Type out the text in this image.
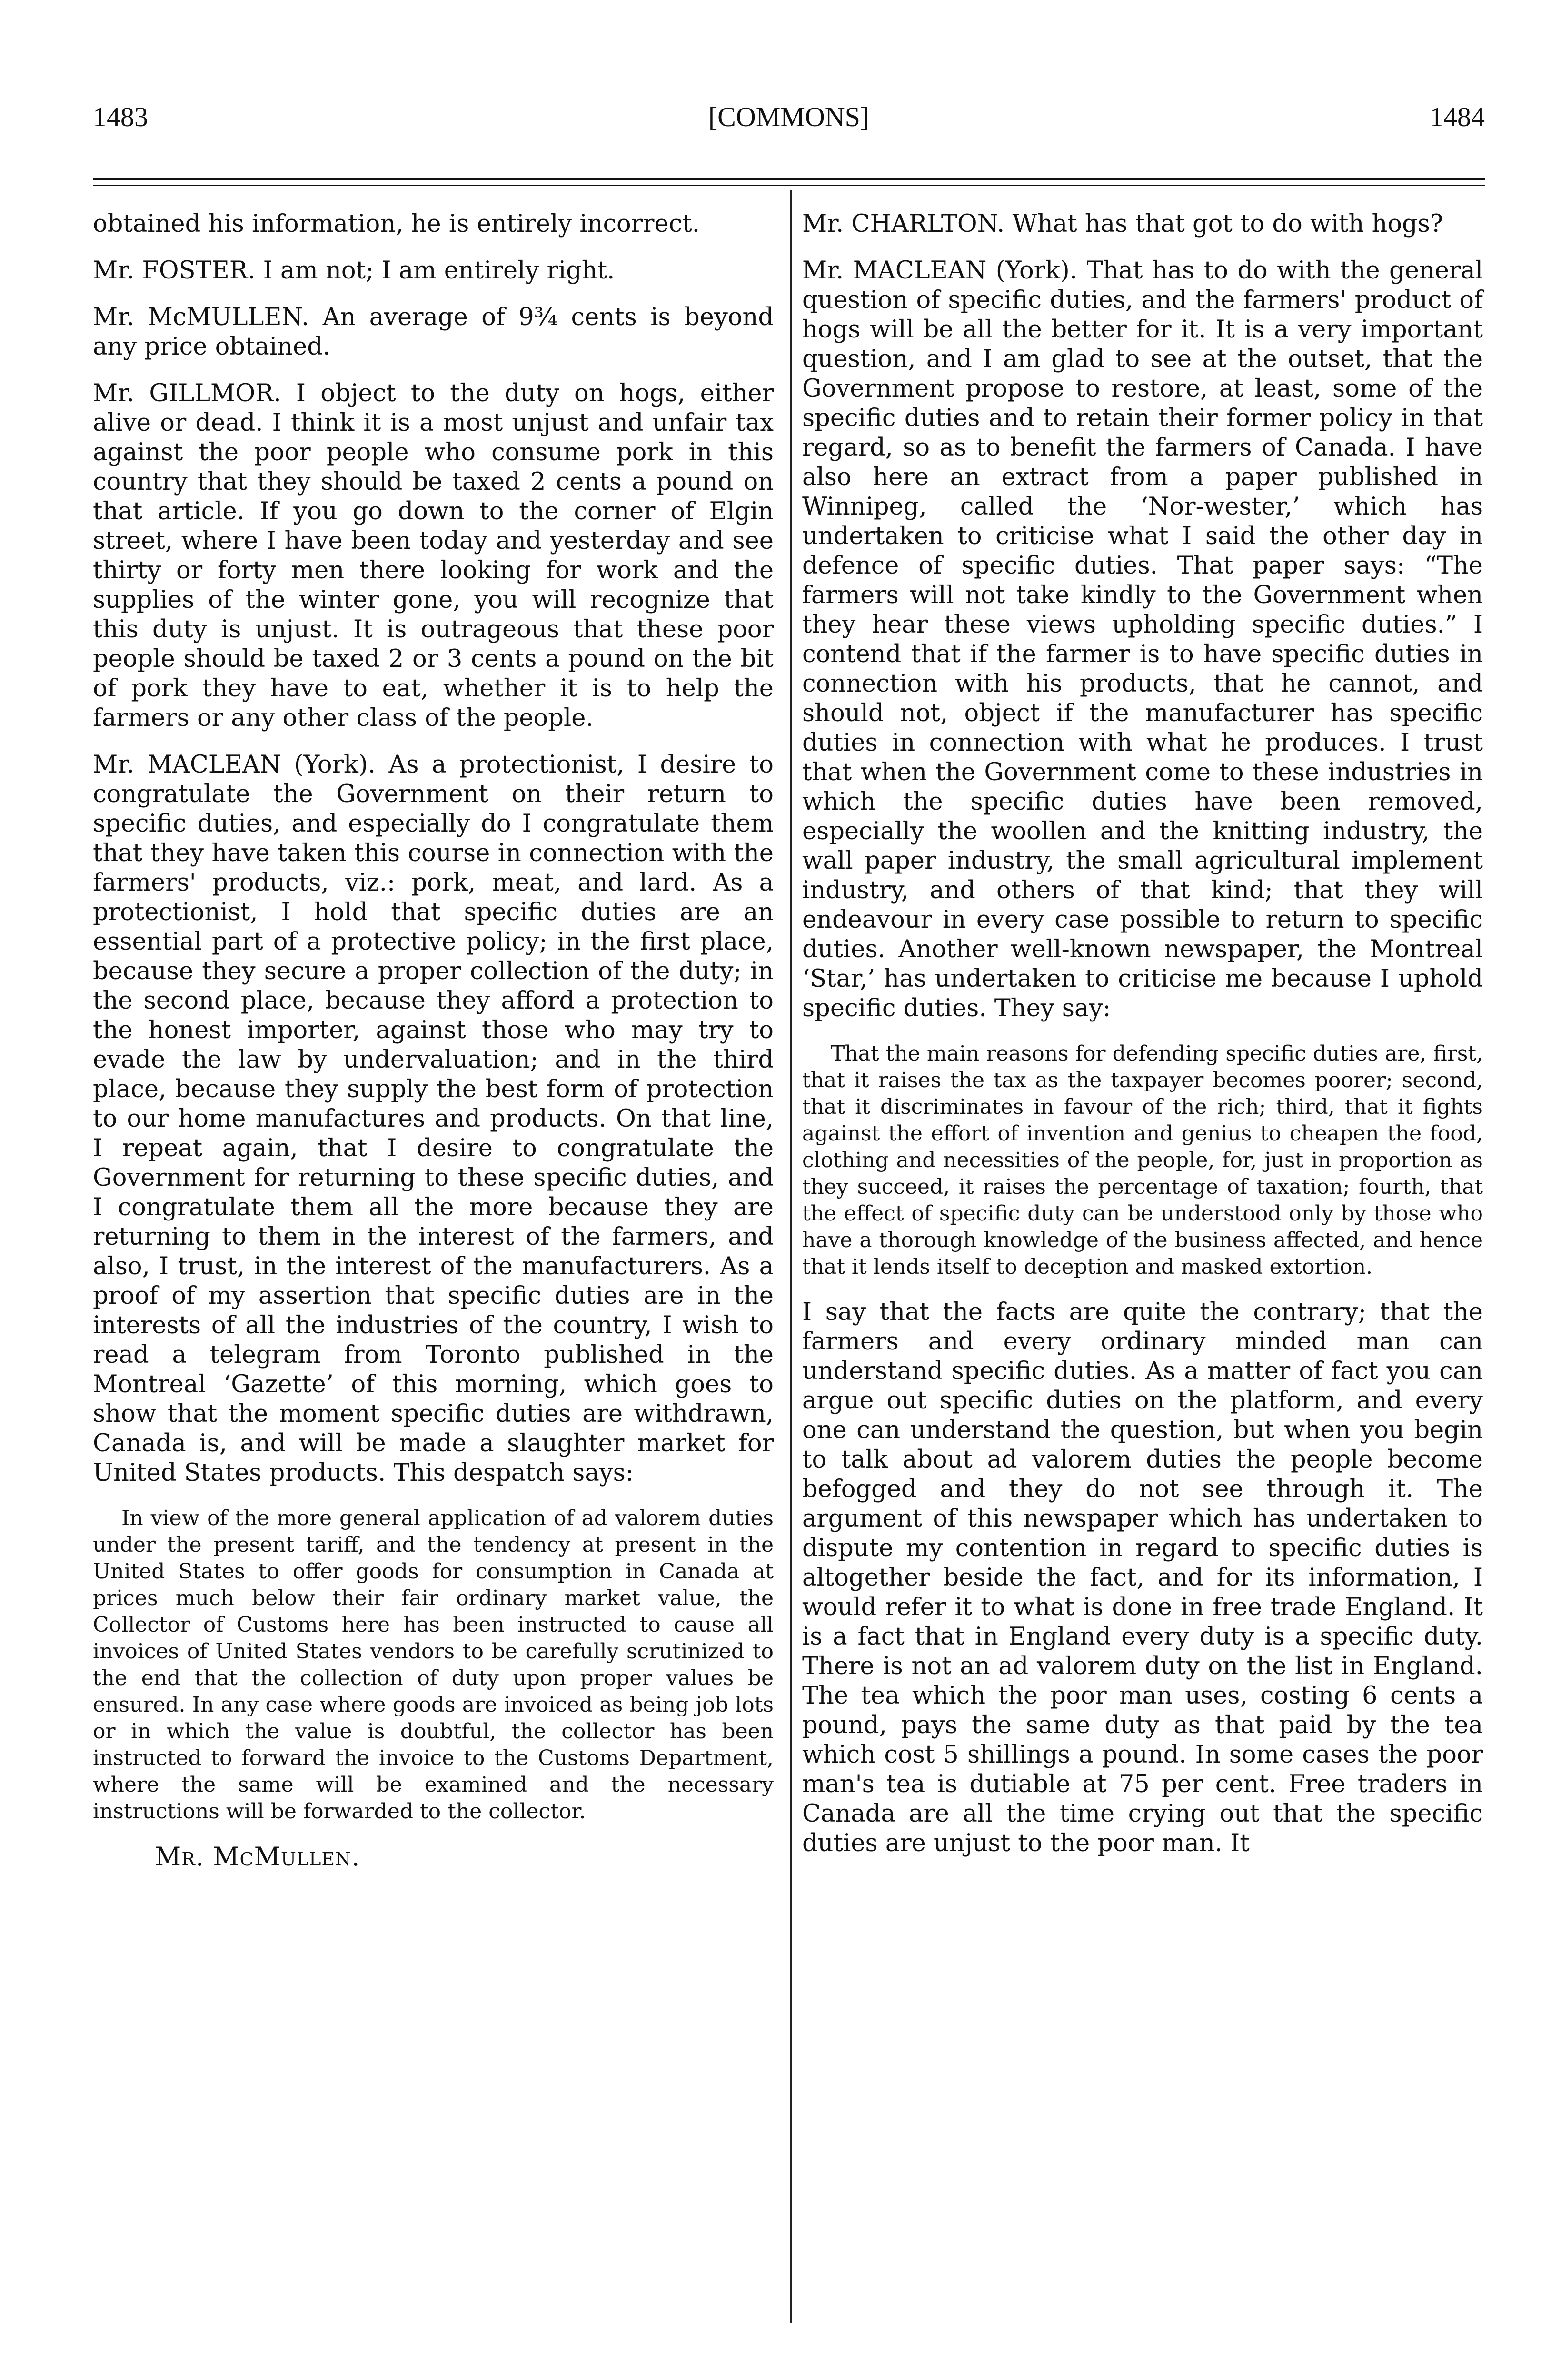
1483	[COMMONS]	1484
obtained his information, he is entirely incorrect.
Mr. FOSTER. I am not; I am entirely right.
Mr. McMULLEN. An average of 9¾ cents is beyond any price obtained.
Mr. GILLMOR. I object to the duty on hogs, either alive or dead. I think it is a most unjust and unfair tax against the poor people who consume pork in this country that they should be taxed 2 cents a pound on that article. If you go down to the corner of Elgin street, where I have been today and yesterday and see thirty or forty men there looking for work and the supplies of the winter gone, you will recognize that this duty is unjust. It is outrageous that these poor people should be taxed 2 or 3 cents a pound on the bit of pork they have to eat, whether it is to help the farmers or any other class of the people.
Mr. MACLEAN (York). As a protectionist, I desire to congratulate the Government on their return to specific duties, and especially do I congratulate them that they have taken this course in connection with the farmers' products, viz.: pork, meat, and lard. As a protectionist, I hold that specific duties are an essential part of a protective policy; in the first place, because they secure a proper collection of the duty; in the second place, because they afford a protection to the honest importer, against those who may try to evade the law by undervaluation; and in the third place, because they supply the best form of protection to our home manufactures and products. On that line, I repeat again, that I desire to congratulate the Government for returning to these specific duties, and I congratulate them all the more because they are returning to them in the interest of the farmers, and also, I trust, in the interest of the manufacturers. As a proof of my assertion that specific duties are in the interests of all the industries of the country, I wish to read a telegram from Toronto published in the Montreal ‘Gazette’ of this morning, which goes to show that the moment specific duties are withdrawn, Canada is, and will be made a slaughter market for United States products. This despatch says:
In view of the more general application of ad valorem duties under the present tariff, and the tendency at present in the United States to offer goods for consumption in Canada at prices much below their fair ordinary market value, the Collector of Customs here has been instructed to cause all invoices of United States vendors to be carefully scrutinized to the end that the collection of duty upon proper values be ensured. In any case where goods are invoiced as being job lots or in which the value is doubtful, the collector has been instructed to forward the invoice to the Customs Department, where the same will be examined and the necessary instructions will be forwarded to the collector.
Mr. McMullen.
Mr. CHARLTON. What has that got to do with hogs?
Mr. MACLEAN (York). That has to do with the general question of specific duties, and the farmers' product of hogs will be all the better for it. It is a very important question, and I am glad to see at the outset, that the Government propose to restore, at least, some of the specific duties and to retain their former policy in that regard, so as to benefit the farmers of Canada. I have also here an extract from a paper published in Winnipeg, called the ‘Nor-wester,’ which has undertaken to criticise what I said the other day in defence of specific duties. That paper says: “The farmers will not take kindly to the Government when they hear these views upholding specific duties.” I contend that if the farmer is to have specific duties in connection with his products, that he cannot, and should not, object if the manufacturer has specific duties in connection with what he produces. I trust that when the Government come to these industries in which the specific duties have been removed, especially the woollen and the knitting industry, the wall paper industry, the small agricultural implement industry, and others of that kind; that they will endeavour in every case possible to return to specific duties. Another well-known newspaper, the Montreal ‘Star,’ has undertaken to criticise me because I uphold specific duties. They say:
That the main reasons for defending specific duties are, first, that it raises the tax as the taxpayer becomes poorer; second, that it discriminates in favour of the rich; third, that it fights against the effort of invention and genius to cheapen the food, clothing and necessities of the people, for, just in proportion as they succeed, it raises the percentage of taxation; fourth, that the effect of specific duty can be understood only by those who have a thorough knowledge of the business affected, and hence that it lends itself to deception and masked extortion.
I say that the facts are quite the contrary; that the farmers and every ordinary minded man can understand specific duties. As a matter of fact you can argue out specific duties on the platform, and every one can understand the question, but when you begin to talk about ad valorem duties the people become befogged and they do not see through it. The argument of this newspaper which has undertaken to dispute my contention in regard to specific duties is altogether beside the fact, and for its information, I would refer it to what is done in free trade England. It is a fact that in England every duty is a specific duty. There is not an ad valorem duty on the list in England. The tea which the poor man uses, costing 6 cents a pound, pays the same duty as that paid by the tea which cost 5 shillings a pound. In some cases the poor man's tea is dutiable at 75 per cent. Free traders in Canada are all the time crying out that the specific duties are unjust to the poor man. It
